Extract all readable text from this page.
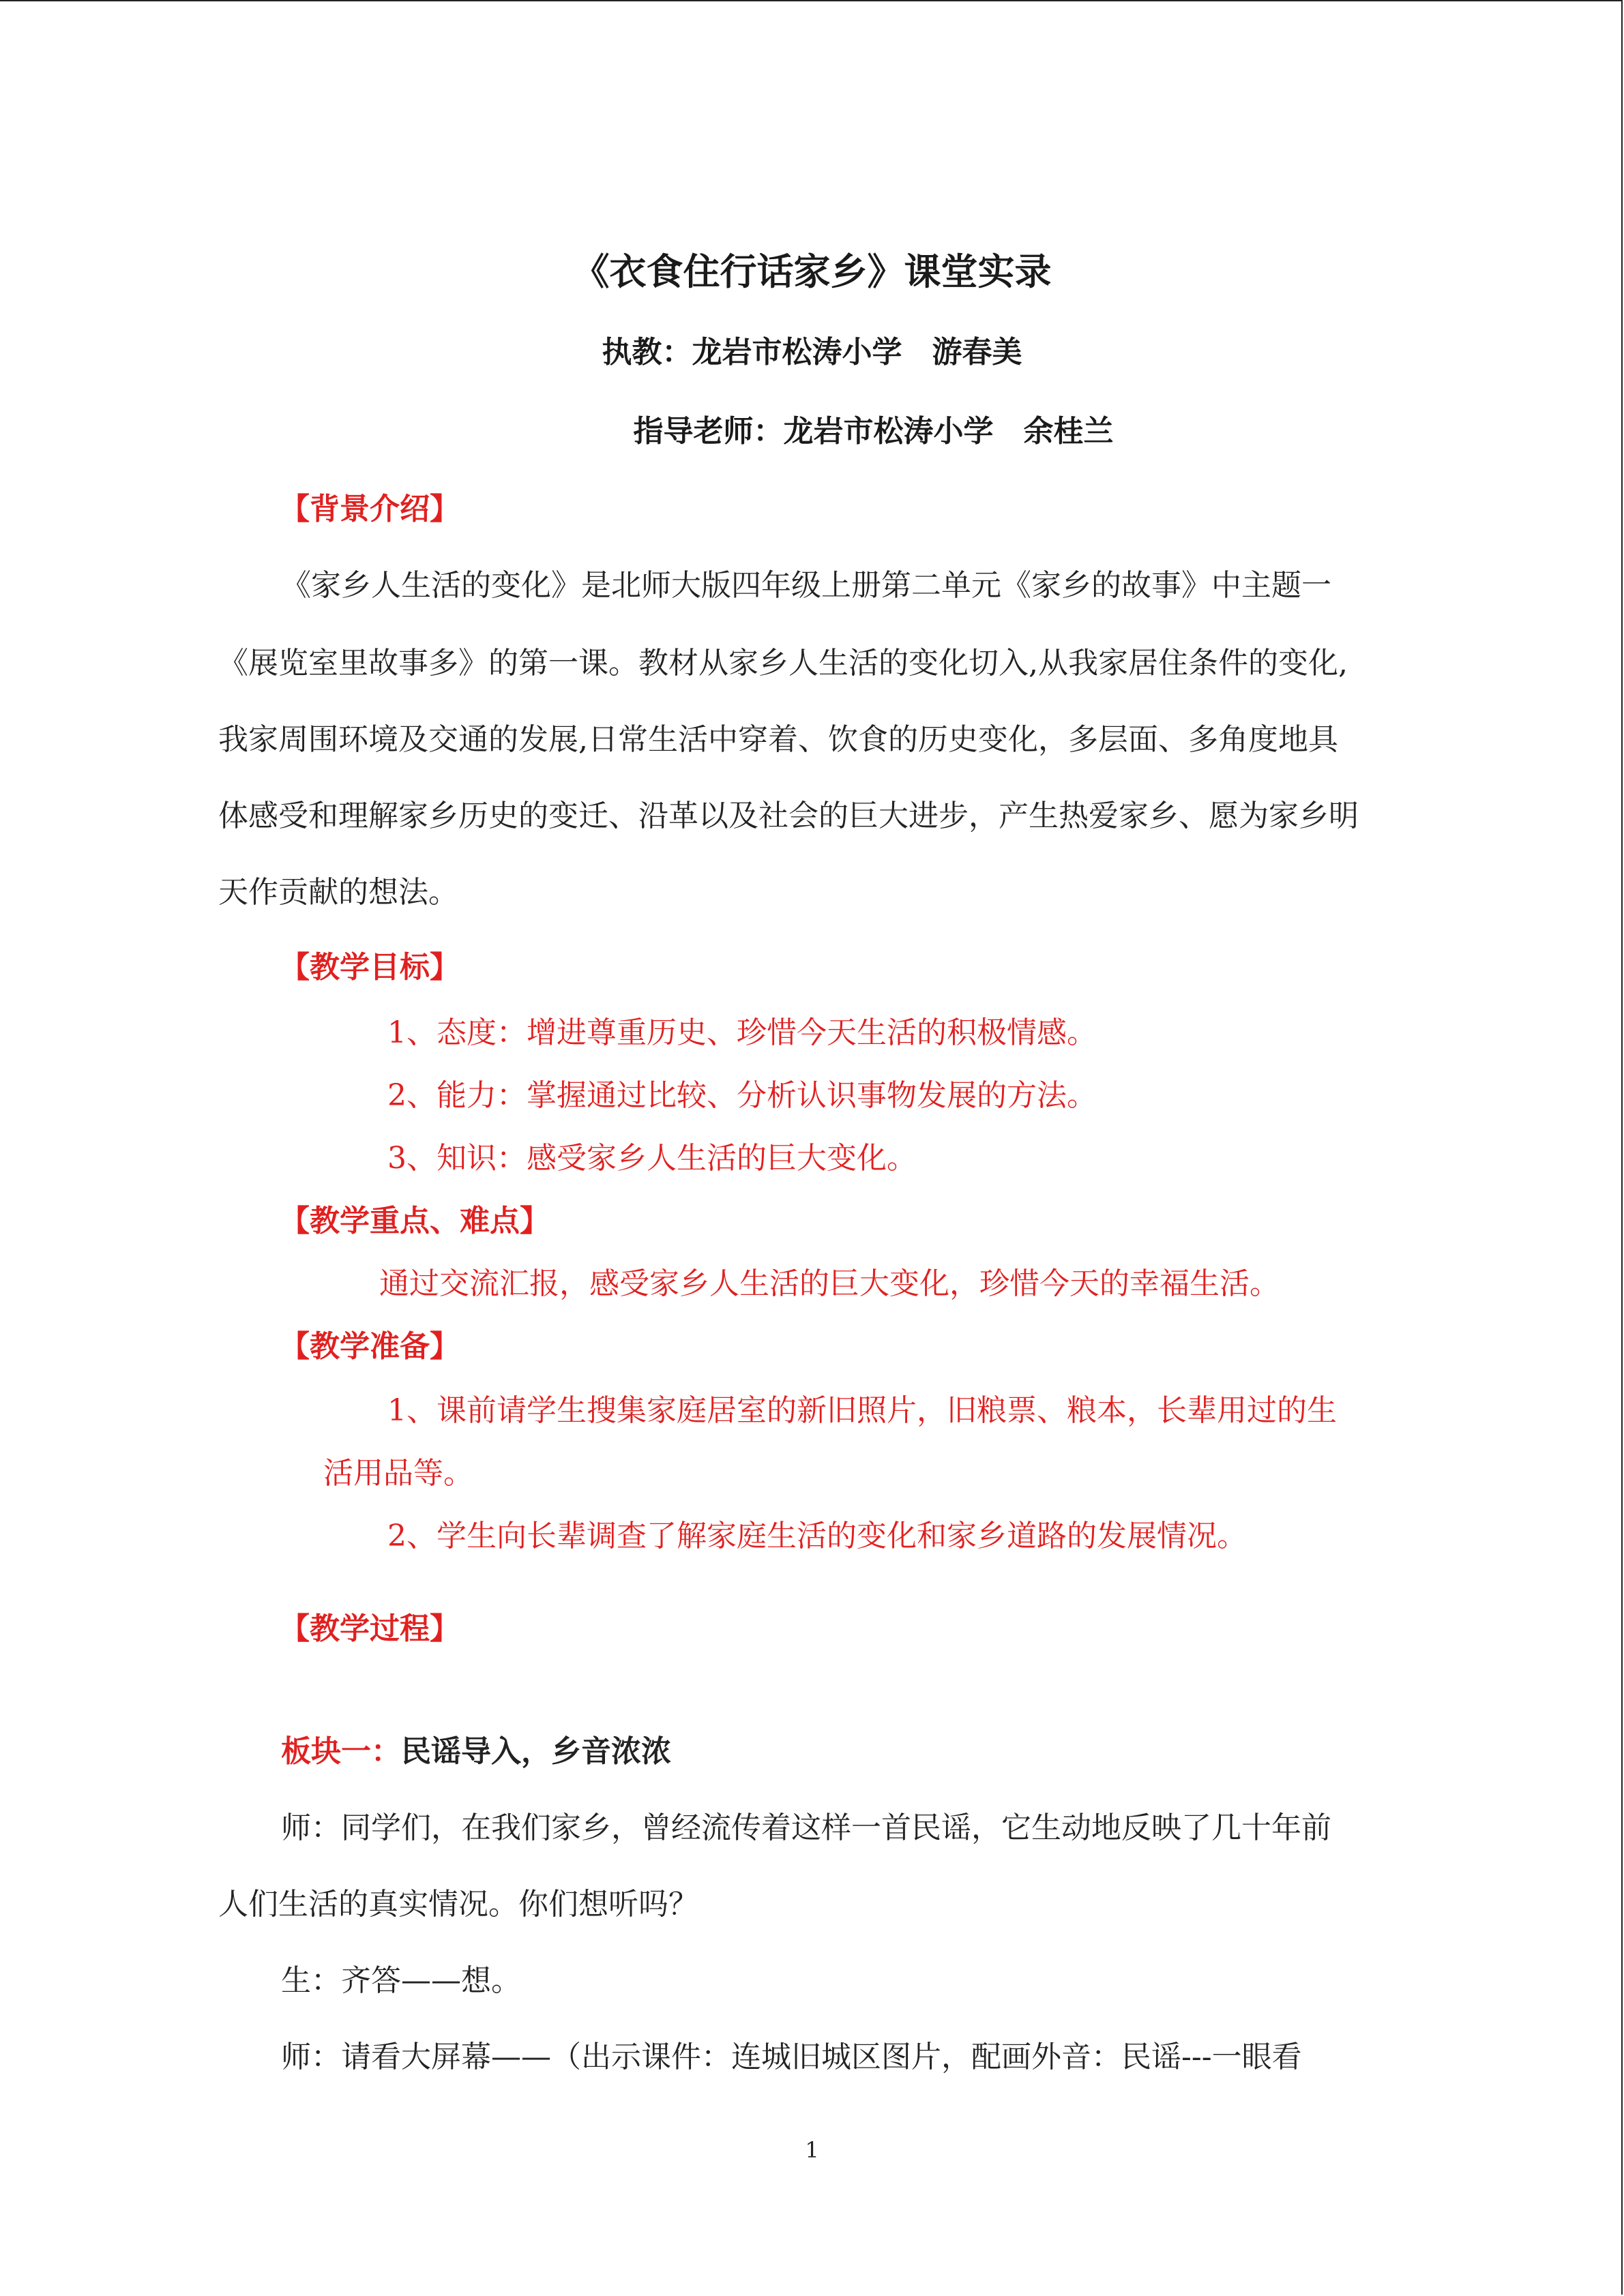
《衣食住行话家乡》课堂实录
执教：龙岩市松涛小学　游春美
指导老师：龙岩市松涛小学　余桂兰
【背景介绍】
《家乡人生活的变化》是北师大版四年级上册第二单元《家乡的故事》中主题一
《展览室里故事多》的第一课。教材从家乡人生活的变化切入,从我家居住条件的变化,
我家周围环境及交通的发展,日常生活中穿着、饮食的历史变化，多层面、多角度地具
体感受和理解家乡历史的变迁、沿革以及社会的巨大进步，产生热爱家乡、愿为家乡明
天作贡献的想法。
【教学目标】
1、态度：增进尊重历史、珍惜今天生活的积极情感。
2、能力：掌握通过比较、分析认识事物发展的方法。
3、知识：感受家乡人生活的巨大变化。
【教学重点、难点】
通过交流汇报，感受家乡人生活的巨大变化，珍惜今天的幸福生活。
【教学准备】
1、课前请学生搜集家庭居室的新旧照片，旧粮票、粮本，长辈用过的生
活用品等。
2、学生向长辈调查了解家庭生活的变化和家乡道路的发展情况。
【教学过程】
板块一：民谣导入，乡音浓浓
师：同学们，在我们家乡，曾经流传着这样一首民谣，它生动地反映了几十年前
人们生活的真实情况。你们想听吗？
生：齐答——想。
师：请看大屏幕——（出示课件：连城旧城区图片，配画外音：民谣---一眼看
1
